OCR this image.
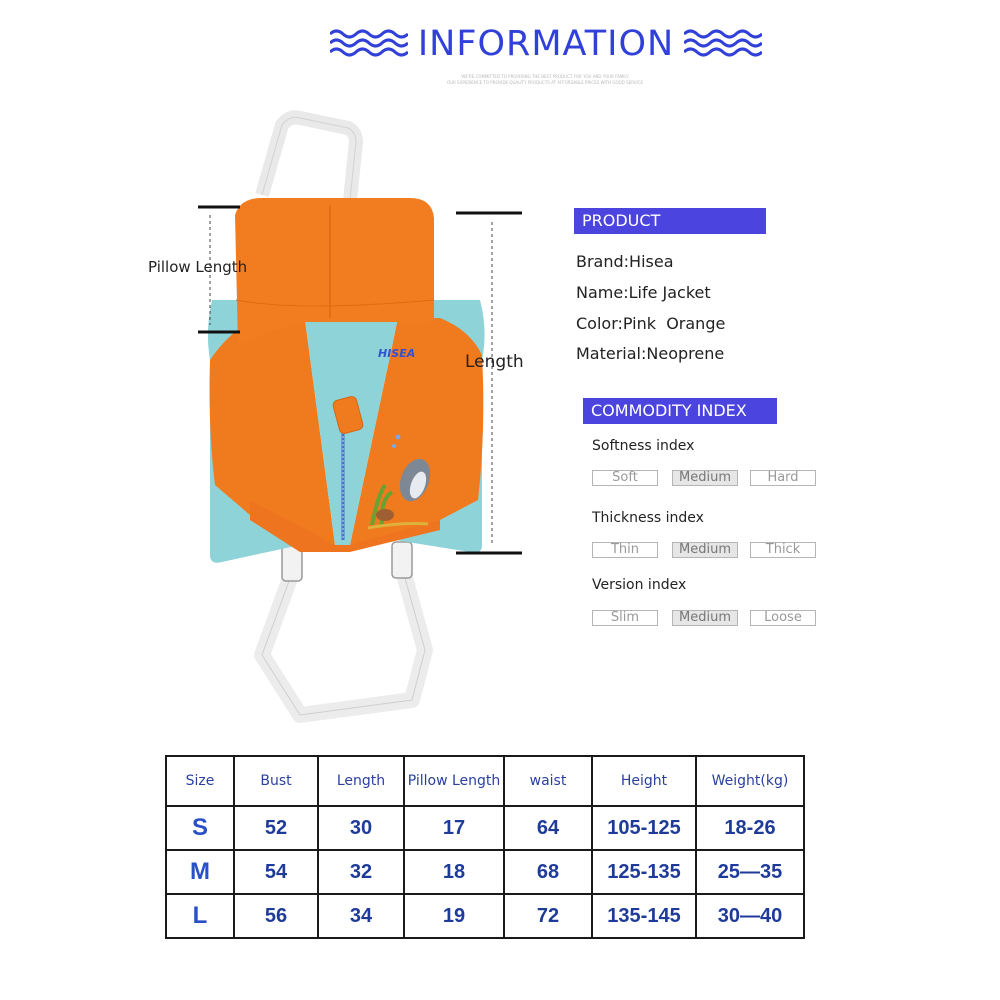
INFORMATION
WE'RE COMMITTED TO PROVIDING THE BEST PRODUCT FOR YOU AND YOUR FAMILY
OUR EXPERIENCE TO PROVIDE QUALITY PRODUCTS AT AFFORDABLE PRICES WITH GOOD SERVICE
HISEA
Pillow Length
Length
PRODUCT PARAMETERS
Brand:Hisea
Name:Life Jacket
Color:Pink  Orange
Material:Neoprene
COMMODITY INDEX
Softness index
Soft	Medium	Hard
Thickness index
Thin	Medium	Thick
Version index
Slim	Medium	Loose
Size	Bust	Length	Pillow Length	waist	Height	Weight(kg)
S	52	30	17	64	105-125	18-26
M	54	32	18	68	125-135	25—35
L	56	34	19	72	135-145	30—40
